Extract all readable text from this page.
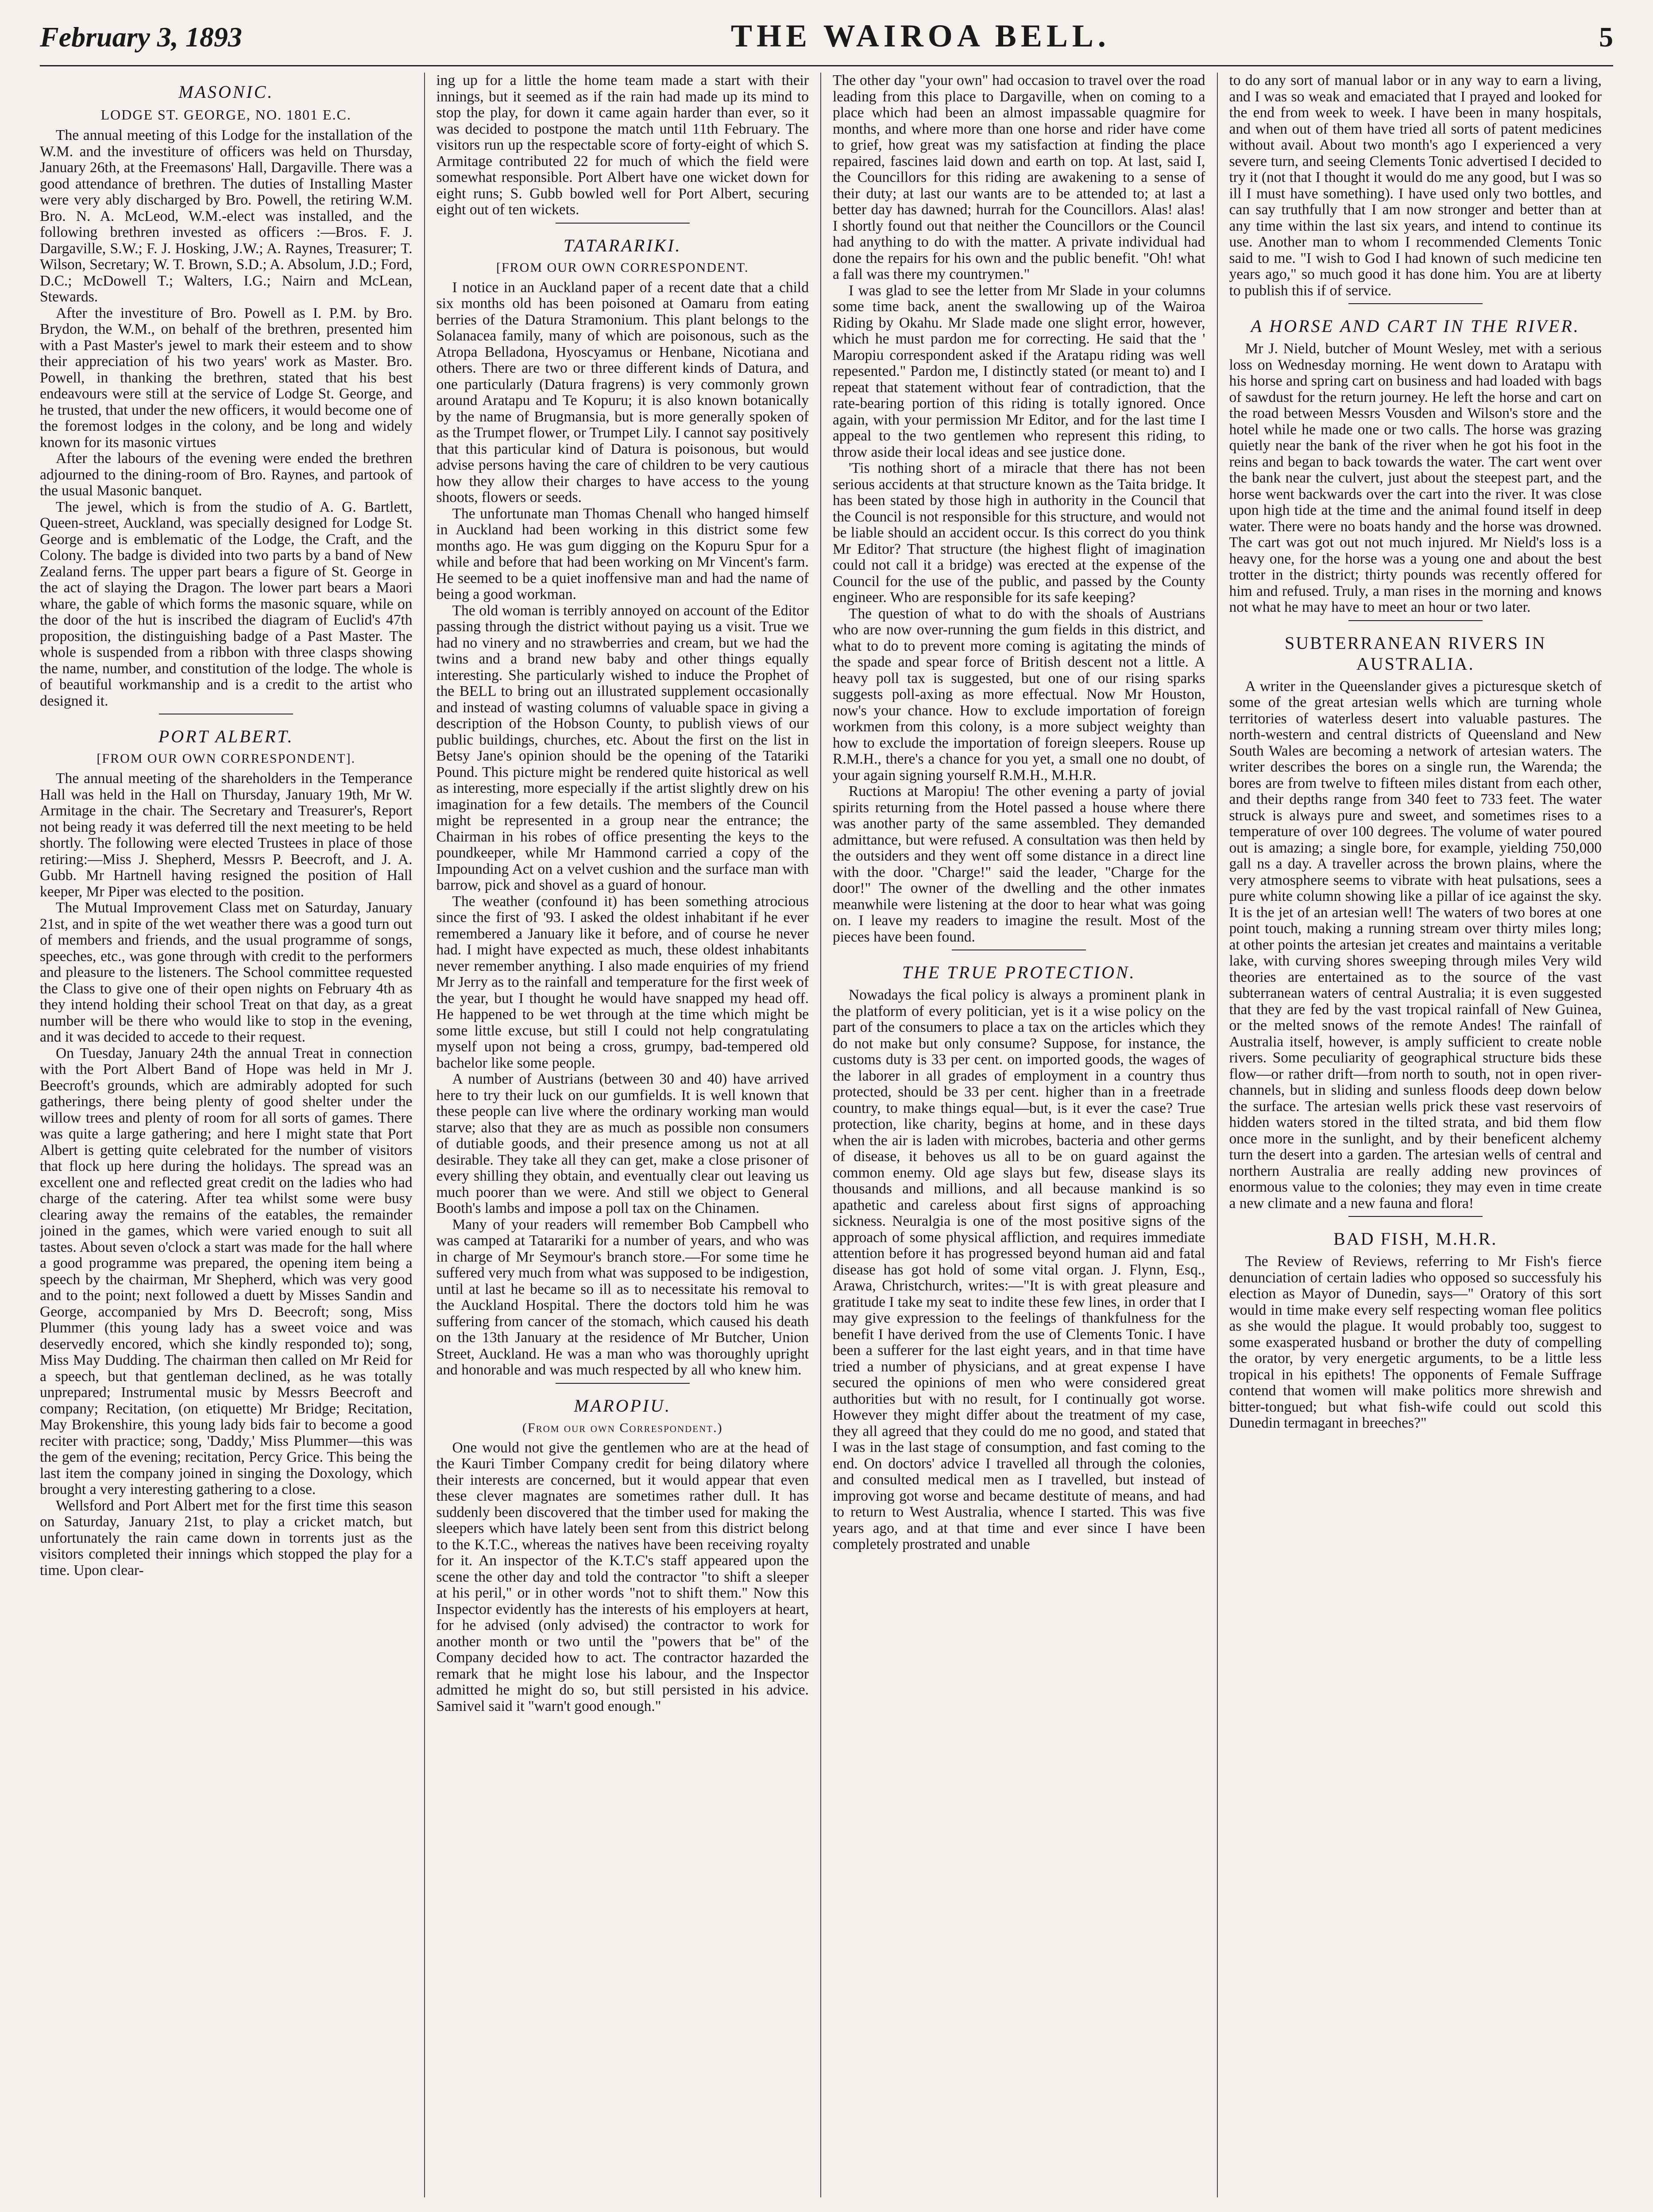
February 3, 1893	THE WAIROA BELL.	5
MASONIC.
LODGE ST. GEORGE, NO. 1801 E.C.

The annual meeting of this Lodge for the installation of the W.M. and the investiture of officers was held on Thursday, January 26th, at the Freemasons' Hall, Dargaville. There was a good attendance of brethren. The duties of Installing Master were very ably discharged by Bro. Powell, the retiring W.M. Bro. N. A. McLeod, W.M.-elect was installed, and the following brethren invested as officers :—Bros. F. J. Dargaville, S.W.; F. J. Hosking, J.W.; A. Raynes, Treasurer; T. Wilson, Secretary; W. T. Brown, S.D.; A. Absolum, J.D.; Ford, D.C.; McDowell T.; Walters, I.G.; Nairn and McLean, Stewards.

After the investiture of Bro. Powell as I. P.M. by Bro. Brydon, the W.M., on behalf of the brethren, presented him with a Past Master's jewel to mark their esteem and to show their appreciation of his two years' work as Master. Bro. Powell, in thanking the brethren, stated that his best endeavours were still at the service of Lodge St. George, and he trusted, that under the new officers, it would become one of the foremost lodges in the colony, and be long and widely known for its masonic virtues

After the labours of the evening were ended the brethren adjourned to the dining-room of Bro. Raynes, and partook of the usual Masonic banquet.

The jewel, which is from the studio of A. G. Bartlett, Queen-street, Auckland, was specially designed for Lodge St. George and is emblematic of the Lodge, the Craft, and the Colony. The badge is divided into two parts by a band of New Zealand ferns. The upper part bears a figure of St. George in the act of slaying the Dragon. The lower part bears a Maori whare, the gable of which forms the masonic square, while on the door of the hut is inscribed the diagram of Euclid's 47th proposition, the distinguishing badge of a Past Master. The whole is suspended from a ribbon with three clasps showing the name, number, and constitution of the lodge. The whole is of beautiful workmanship and is a credit to the artist who designed it.

PORT ALBERT.
[FROM OUR OWN CORRESPONDENT].

The annual meeting of the shareholders in the Temperance Hall was held in the Hall on Thursday, January 19th, Mr W. Armitage in the chair. The Secretary and Treasurer's, Report not being ready it was deferred till the next meeting to be held shortly. The following were elected Trustees in place of those retiring:—Miss J. Shepherd, Messrs P. Beecroft, and J. A. Gubb. Mr Hartnell having resigned the position of Hall keeper, Mr Piper was elected to the position.

The Mutual Improvement Class met on Saturday, January 21st, and in spite of the wet weather there was a good turn out of members and friends, and the usual programme of songs, speeches, etc., was gone through with credit to the performers and pleasure to the listeners. The School committee requested the Class to give one of their open nights on February 4th as they intend holding their school Treat on that day, as a great number will be there who would like to stop in the evening, and it was decided to accede to their request.

On Tuesday, January 24th the annual Treat in connection with the Port Albert Band of Hope was held in Mr J. Beecroft's grounds, which are admirably adopted for such gatherings, there being plenty of good shelter under the willow trees and plenty of room for all sorts of games. There was quite a large gathering; and here I might state that Port Albert is getting quite celebrated for the number of visitors that flock up here during the holidays. The spread was an excellent one and reflected great credit on the ladies who had charge of the catering. After tea whilst some were busy clearing away the remains of the eatables, the remainder joined in the games, which were varied enough to suit all tastes. About seven o'clock a start was made for the hall where a good programme was prepared, the opening item being a speech by the chairman, Mr Shepherd, which was very good and to the point; next followed a duett by Misses Sandin and George, accompanied by Mrs D. Beecroft; song, Miss Plummer (this young lady has a sweet voice and was deservedly encored, which she kindly responded to); song, Miss May Dudding. The chairman then called on Mr Reid for a speech, but that gentleman declined, as he was totally unprepared; Instrumental music by Messrs Beecroft and company; Recitation, (on etiquette) Mr Bridge; Recitation, May Brokenshire, this young lady bids fair to become a good reciter with practice; song, 'Daddy,' Miss Plummer—this was the gem of the evening; recitation, Percy Grice. This being the last item the company joined in singing the Doxology, which brought a very interesting gathering to a close.

Wellsford and Port Albert met for the first time this season on Saturday, January 21st, to play a cricket match, but unfortunately the rain came down in torrents just as the visitors completed their innings which stopped the play for a time. Upon clear-

ing up for a little the home team made a start with their innings, but it seemed as if the rain had made up its mind to stop the play, for down it came again harder than ever, so it was decided to postpone the match until 11th February. The visitors run up the respectable score of forty-eight of which S. Armitage contributed 22 for much of which the field were somewhat responsible. Port Albert have one wicket down for eight runs; S. Gubb bowled well for Port Albert, securing eight out of ten wickets.

TATARARIKI.
[FROM OUR OWN CORRESPONDENT.

I notice in an Auckland paper of a recent date that a child six months old has been poisoned at Oamaru from eating berries of the Datura Stramonium. This plant belongs to the Solanacea family, many of which are poisonous, such as the Atropa Belladona, Hyoscyamus or Henbane, Nicotiana and others. There are two or three different kinds of Datura, and one particularly (Datura fragrens) is very commonly grown around Aratapu and Te Kopuru; it is also known botanically by the name of Brugmansia, but is more generally spoken of as the Trumpet flower, or Trumpet Lily. I cannot say positively that this particular kind of Datura is poisonous, but would advise persons having the care of children to be very cautious how they allow their charges to have access to the young shoots, flowers or seeds.

The unfortunate man Thomas Chenall who hanged himself in Auckland had been working in this district some few months ago. He was gum digging on the Kopuru Spur for a while and before that had been working on Mr Vincent's farm. He seemed to be a quiet inoffensive man and had the name of being a good workman.

The old woman is terribly annoyed on account of the Editor passing through the district without paying us a visit. True we had no vinery and no strawberries and cream, but we had the twins and a brand new baby and other things equally interesting. She particularly wished to induce the Prophet of the BELL to bring out an illustrated supplement occasionally and instead of wasting columns of valuable space in giving a description of the Hobson County, to publish views of our public buildings, churches, etc. About the first on the list in Betsy Jane's opinion should be the opening of the Tatariki Pound. This picture might be rendered quite historical as well as interesting, more especially if the artist slightly drew on his imagination for a few details. The members of the Council might be represented in a group near the entrance; the Chairman in his robes of office presenting the keys to the poundkeeper, while Mr Hammond carried a copy of the Impounding Act on a velvet cushion and the surface man with barrow, pick and shovel as a guard of honour.

The weather (confound it) has been something atrocious since the first of '93. I asked the oldest inhabitant if he ever remembered a January like it before, and of course he never had. I might have expected as much, these oldest inhabitants never remember anything. I also made enquiries of my friend Mr Jerry as to the rainfall and temperature for the first week of the year, but I thought he would have snapped my head off. He happened to be wet through at the time which might be some little excuse, but still I could not help congratulating myself upon not being a cross, grumpy, bad-tempered old bachelor like some people.

A number of Austrians (between 30 and 40) have arrived here to try their luck on our gumfields. It is well known that these people can live where the ordinary working man would starve; also that they are as much as possible non consumers of dutiable goods, and their presence among us not at all desirable. They take all they can get, make a close prisoner of every shilling they obtain, and eventually clear out leaving us much poorer than we were. And still we object to General Booth's lambs and impose a poll tax on the Chinamen.

Many of your readers will remember Bob Campbell who was camped at Tatarariki for a number of years, and who was in charge of Mr Seymour's branch store.—For some time he suffered very much from what was supposed to be indigestion, until at last he became so ill as to necessitate his removal to the Auckland Hospital. There the doctors told him he was suffering from cancer of the stomach, which caused his death on the 13th January at the residence of Mr Butcher, Union Street, Auckland. He was a man who was thoroughly upright and honorable and was much respected by all who knew him.

MAROPIU.
(From our own Correspondent.)

One would not give the gentlemen who are at the head of the Kauri Timber Company credit for being dilatory where their interests are concerned, but it would appear that even these clever magnates are sometimes rather dull. It has suddenly been discovered that the timber used for making the sleepers which have lately been sent from this district belong to the K.T.C., whereas the natives have been receiving royalty for it. An inspector of the K.T.C's staff appeared upon the scene the other day and told the contractor "to shift a sleeper at his peril," or in other words "not to shift them." Now this Inspector evidently has the interests of his employers at heart, for he advised (only advised) the contractor to work for another month or two until the "powers that be" of the Company decided how to act. The contractor hazarded the remark that he might lose his labour, and the Inspector admitted he might do so, but still persisted in his advice. Samivel said it "warn't good enough."

The other day "your own" had occasion to travel over the road leading from this place to Dargaville, when on coming to a place which had been an almost impassable quagmire for months, and where more than one horse and rider have come to grief, how great was my satisfaction at finding the place repaired, fascines laid down and earth on top. At last, said I, the Councillors for this riding are awakening to a sense of their duty; at last our wants are to be attended to; at last a better day has dawned; hurrah for the Councillors. Alas! alas! I shortly found out that neither the Councillors or the Council had anything to do with the matter. A private individual had done the repairs for his own and the public benefit. "Oh! what a fall was there my countrymen."

I was glad to see the letter from Mr Slade in your columns some time back, anent the swallowing up of the Wairoa Riding by Okahu. Mr Slade made one slight error, however, which he must pardon me for correcting. He said that the ' Maropiu correspondent asked if the Aratapu riding was well repesented." Pardon me, I distinctly stated (or meant to) and I repeat that statement without fear of contradiction, that the rate-bearing portion of this riding is totally ignored. Once again, with your permission Mr Editor, and for the last time I appeal to the two gentlemen who represent this riding, to throw aside their local ideas and see justice done.

'Tis nothing short of a miracle that there has not been serious accidents at that structure known as the Taita bridge. It has been stated by those high in authority in the Council that the Council is not responsible for this structure, and would not be liable should an accident occur. Is this correct do you think Mr Editor? That structure (the highest flight of imagination could not call it a bridge) was erected at the expense of the Council for the use of the public, and passed by the County engineer. Who are responsible for its safe keeping?

The question of what to do with the shoals of Austrians who are now over-running the gum fields in this district, and what to do to prevent more coming is agitating the minds of the spade and spear force of British descent not a little. A heavy poll tax is suggested, but one of our rising sparks suggests poll-axing as more effectual. Now Mr Houston, now's your chance. How to exclude importation of foreign workmen from this colony, is a more subject weighty than how to exclude the importation of foreign sleepers. Rouse up R.M.H., there's a chance for you yet, a small one no doubt, of your again signing yourself R.M.H., M.H.R.

Ructions at Maropiu! The other evening a party of jovial spirits returning from the Hotel passed a house where there was another party of the same assembled. They demanded admittance, but were refused. A consultation was then held by the outsiders and they went off some distance in a direct line with the door. "Charge!" said the leader, "Charge for the door!" The owner of the dwelling and the other inmates meanwhile were listening at the door to hear what was going on. I leave my readers to imagine the result. Most of the pieces have been found.

THE TRUE PROTECTION.

Nowadays the fical policy is always a prominent plank in the platform of every politician, yet is it a wise policy on the part of the consumers to place a tax on the articles which they do not make but only consume? Suppose, for instance, the customs duty is 33 per cent. on imported goods, the wages of the laborer in all grades of employment in a country thus protected, should be 33 per cent. higher than in a freetrade country, to make things equal—but, is it ever the case? True protection, like charity, begins at home, and in these days when the air is laden with microbes, bacteria and other germs of disease, it behoves us all to be on guard against the common enemy. Old age slays but few, disease slays its thousands and millions, and all because mankind is so apathetic and careless about first signs of approaching sickness. Neuralgia is one of the most positive signs of the approach of some physical affliction, and requires immediate attention before it has progressed beyond human aid and fatal disease has got hold of some vital organ. J. Flynn, Esq., Arawa, Christchurch, writes:—"It is with great pleasure and gratitude I take my seat to indite these few lines, in order that I may give expression to the feelings of thankfulness for the benefit I have derived from the use of Clements Tonic. I have been a sufferer for the last eight years, and in that time have tried a number of physicians, and at great expense I have secured the opinions of men who were considered great authorities but with no result, for I continually got worse. However they might differ about the treatment of my case, they all agreed that they could do me no good, and stated that I was in the last stage of consumption, and fast coming to the end. On doctors' advice I travelled all through the colonies, and consulted medical men as I travelled, but instead of improving got worse and became destitute of means, and had to return to West Australia, whence I started. This was five years ago, and at that time and ever since I have been completely prostrated and unable

to do any sort of manual labor or in any way to earn a living, and I was so weak and emaciated that I prayed and looked for the end from week to week. I have been in many hospitals, and when out of them have tried all sorts of patent medicines without avail. About two month's ago I experienced a very severe turn, and seeing Clements Tonic advertised I decided to try it (not that I thought it would do me any good, but I was so ill I must have something). I have used only two bottles, and can say truthfully that I am now stronger and better than at any time within the last six years, and intend to continue its use. Another man to whom I recommended Clements Tonic said to me. "I wish to God I had known of such medicine ten years ago," so much good it has done him. You are at liberty to publish this if of service.

A HORSE AND CART IN THE RIVER.

Mr J. Nield, butcher of Mount Wesley, met with a serious loss on Wednesday morning. He went down to Aratapu with his horse and spring cart on business and had loaded with bags of sawdust for the return journey. He left the horse and cart on the road between Messrs Vousden and Wilson's store and the hotel while he made one or two calls. The horse was grazing quietly near the bank of the river when he got his foot in the reins and began to back towards the water. The cart went over the bank near the culvert, just about the steepest part, and the horse went backwards over the cart into the river. It was close upon high tide at the time and the animal found itself in deep water. There were no boats handy and the horse was drowned. The cart was got out not much injured. Mr Nield's loss is a heavy one, for the horse was a young one and about the best trotter in the district; thirty pounds was recently offered for him and refused. Truly, a man rises in the morning and knows not what he may have to meet an hour or two later.

SUBTERRANEAN RIVERS IN AUSTRALIA.

A writer in the Queenslander gives a picturesque sketch of some of the great artesian wells which are turning whole territories of waterless desert into valuable pastures. The north-western and central districts of Queensland and New South Wales are becoming a network of artesian waters. The writer describes the bores on a single run, the Warenda; the bores are from twelve to fifteen miles distant from each other, and their depths range from 340 feet to 733 feet. The water struck is always pure and sweet, and sometimes rises to a temperature of over 100 degrees. The volume of water poured out is amazing; a single bore, for example, yielding 750,000 gall ns a day. A traveller across the brown plains, where the very atmosphere seems to vibrate with heat pulsations, sees a pure white column showing like a pillar of ice against the sky. It is the jet of an artesian well! The waters of two bores at one point touch, making a running stream over thirty miles long; at other points the artesian jet creates and maintains a veritable lake, with curving shores sweeping through miles Very wild theories are entertained as to the source of the vast subterranean waters of central Australia; it is even suggested that they are fed by the vast tropical rainfall of New Guinea, or the melted snows of the remote Andes! The rainfall of Australia itself, however, is amply sufficient to create noble rivers. Some peculiarity of geographical structure bids these flow—or rather drift—from north to south, not in open river-channels, but in sliding and sunless floods deep down below the surface. The artesian wells prick these vast reservoirs of hidden waters stored in the tilted strata, and bid them flow once more in the sunlight, and by their beneficent alchemy turn the desert into a garden. The artesian wells of central and northern Australia are really adding new provinces of enormous value to the colonies; they may even in time create a new climate and a new fauna and flora!

BAD FISH, M.H.R.

The Review of Reviews, referring to Mr Fish's fierce denunciation of certain ladies who opposed so successfuly his election as Mayor of Dunedin, says—" Oratory of this sort would in time make every self respecting woman flee politics as she would the plague. It would probably too, suggest to some exasperated husband or brother the duty of compelling the orator, by very energetic arguments, to be a little less tropical in his epithets! The opponents of Female Suffrage contend that women will make politics more shrewish and bitter-tongued; but what fish-wife could out scold this Dunedin termagant in breeches?"
